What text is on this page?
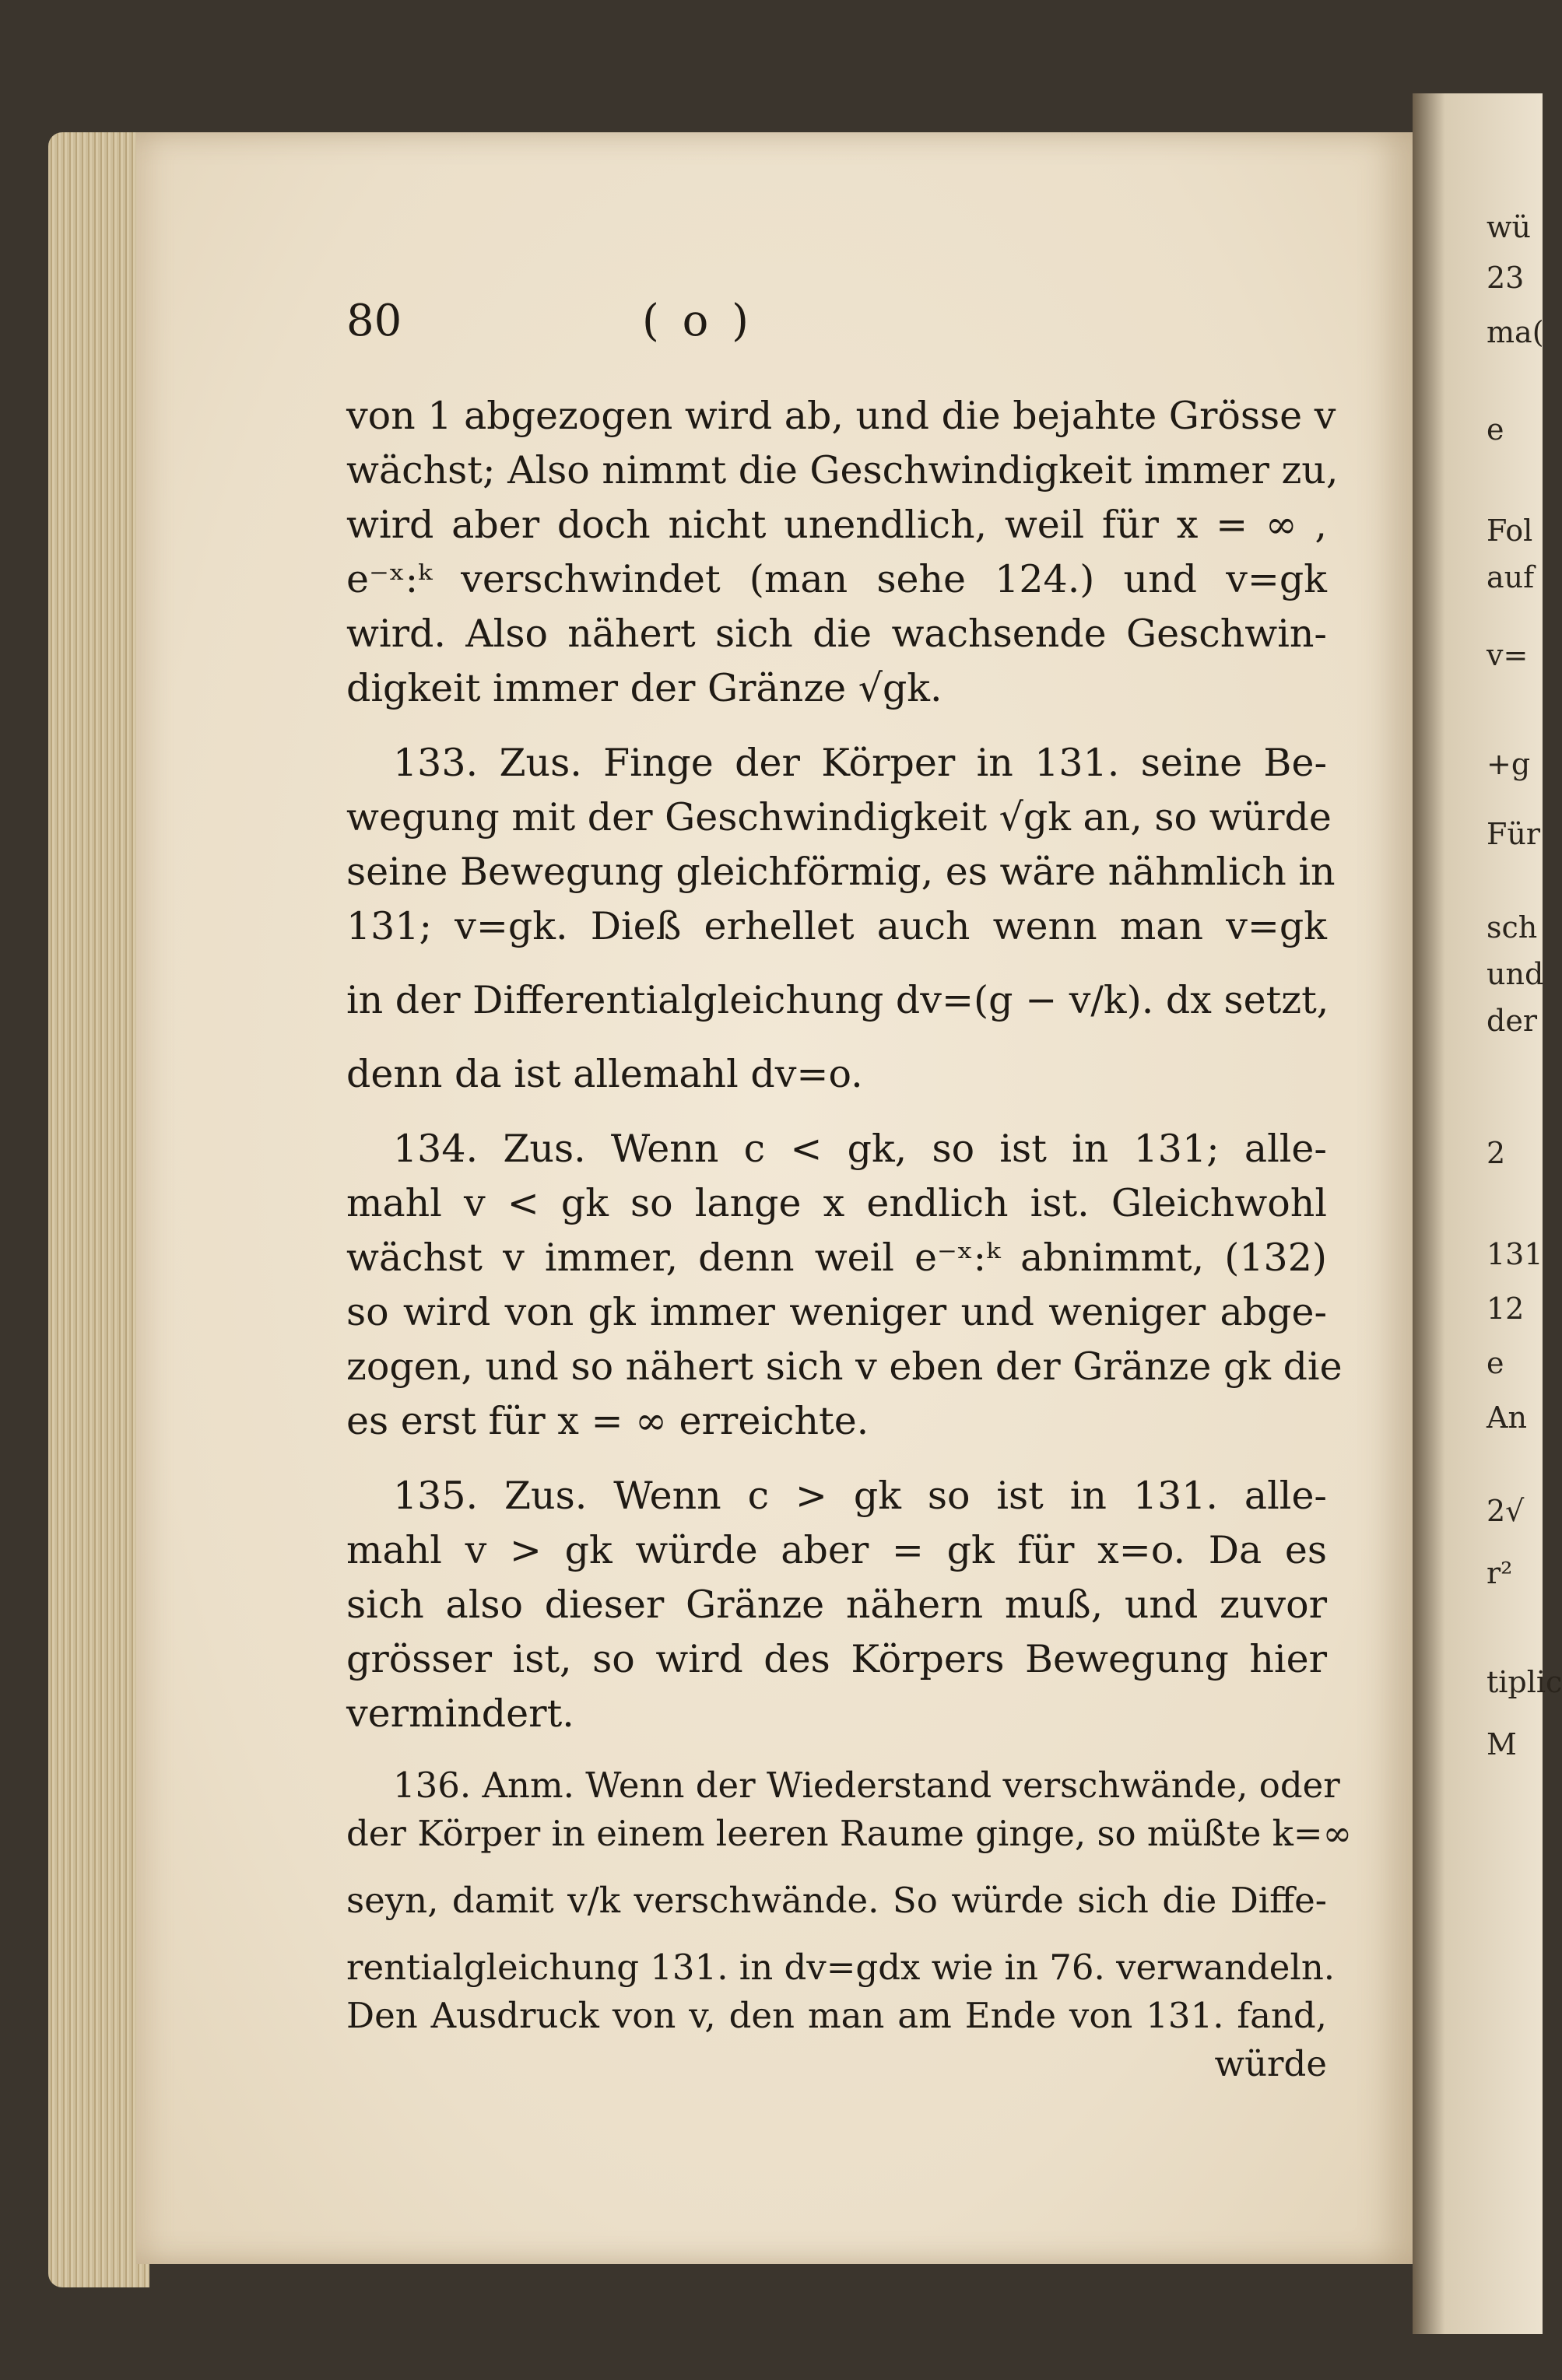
wü
23
ma(
e
Fol
auf
v=
+g
Für
sch
und
der
2
131
12
e
An
2√
r²
tiplic
M
80	( o )
von 1 abgezogen wird ab, und die bejahte Grösse v
wächst; Also nimmt die Geschwindigkeit immer zu,
wird aber doch nicht unendlich, weil für x = ∞ ,
e⁻ˣ:ᵏ verschwindet (man sehe 124.) und v=gk
wird. Also nähert sich die wachsende Geschwin-
digkeit immer der Gränze √gk.
133. Zus. Finge der Körper in 131. seine Be-
wegung mit der Geschwindigkeit √gk an, so würde
seine Bewegung gleichförmig, es wäre nähmlich in
131; v=gk. Dieß erhellet auch wenn man v=gk
in der Differentialgleichung dv=(g − v/k). dx setzt,
denn da ist allemahl dv=o.
134. Zus. Wenn c < gk, so ist in 131; alle-
mahl v < gk so lange x endlich ist. Gleichwohl
wächst v immer, denn weil e⁻ˣ:ᵏ abnimmt, (132)
so wird von gk immer weniger und weniger abge-
zogen, und so nähert sich v eben der Gränze gk die
es erst für x = ∞ erreichte.
135. Zus. Wenn c > gk so ist in 131. alle-
mahl v > gk würde aber = gk für x=o. Da es
sich also dieser Gränze nähern muß, und zuvor
grösser ist, so wird des Körpers Bewegung hier
vermindert.
136. Anm. Wenn der Wiederstand verschwände, oder
der Körper in einem leeren Raume ginge, so müßte k=∞
seyn, damit v/k verschwände. So würde sich die Diffe-
rentialgleichung 131. in dv=gdx wie in 76. verwandeln.
Den Ausdruck von v, den man am Ende von 131. fand,
würde
